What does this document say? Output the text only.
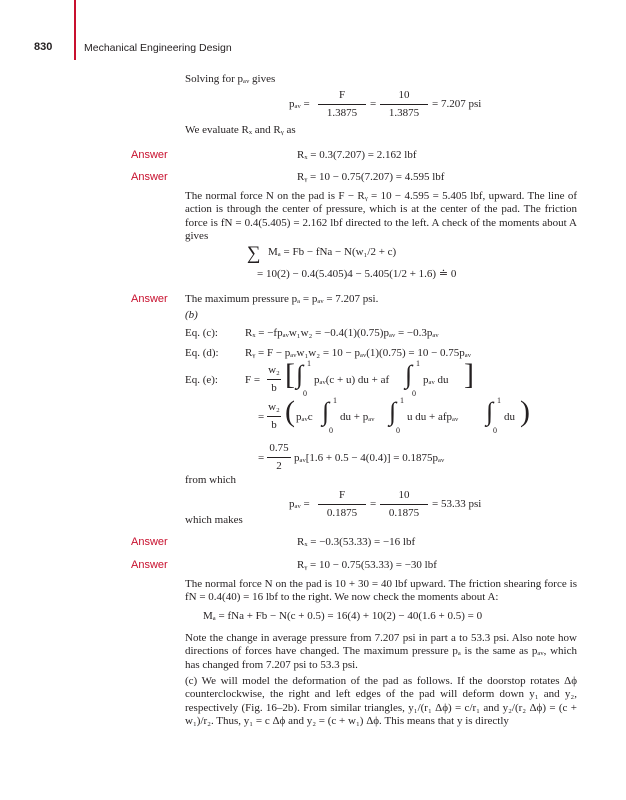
830	Mechanical Engineering Design
Solving for pₐᵥ gives
pₐᵥ =
F
1.3875
=
10
1.3875
= 7.207 psi
We evaluate Rₓ and Rᵧ as
Answer	Rₓ = 0.3(7.207) = 2.162 lbf
Answer	Rᵧ = 10 − 0.75(7.207) = 4.595 lbf
The normal force N on the pad is F − Rᵧ = 10 − 4.595 = 5.405 lbf, upward. The line of action is through the center of pressure, which is at the center of the pad. The friction force is fN = 0.4(5.405) = 2.162 lbf directed to the left. A check of the moments about A gives
∑ Mₐ = Fb − fNa − N(w₁/2 + c)
= 10(2) − 0.4(5.405)4 − 5.405(1/2 + 1.6) ≐ 0
Answer The maximum pressure pₐ = pₐᵥ = 7.207 psi.
(b)
Eq. (c): Rₓ = −fpₐᵥw₁w₂ = −0.4(1)(0.75)pₐᵥ = −0.3pₐᵥ
Eq. (d): Rᵧ = F − pₐᵥw₁w₂ = 10 − pₐᵥ(1)(0.75) = 10 − 0.75pₐᵥ
Eq. (e): F =
w₂
b [ ∫ 1
0
pₐᵥ(c + u) du + af ∫ 1
0
pₐᵥ du ]
=
w₂
b ( pₐᵥc ∫ 1
0
du + pₐᵥ ∫ 1
0
u du + afpₐᵥ ∫ 1
0
du )
=
0.75
2
pₐᵥ[1.6 + 0.5 − 4(0.4)] = 0.1875pₐᵥ
from which
pₐᵥ =
F
0.1875
=
10
0.1875
= 53.33 psi
which makes
Answer	Rₓ = −0.3(53.33) = −16 lbf
Answer	Rᵧ = 10 − 0.75(53.33) = −30 lbf
The normal force N on the pad is 10 + 30 = 40 lbf upward. The friction shearing force is fN = 0.4(40) = 16 lbf to the right. We now check the moments about A:
Mₐ = fNa + Fb − N(c + 0.5) = 16(4) + 10(2) − 40(1.6 + 0.5) = 0
Note the change in average pressure from 7.207 psi in part a to 53.3 psi. Also note how directions of forces have changed. The maximum pressure pₐ is the same as pₐᵥ, which has changed from 7.207 psi to 53.3 psi.
(c) We will model the deformation of the pad as follows. If the doorstop rotates Δϕ counterclockwise, the right and left edges of the pad will deform down y₁ and y₂, respectively (Fig. 16–2b). From similar triangles, y₁/(r₁ Δϕ) = c/r₁ and y₂/(r₂ Δϕ) = (c + w₁)/r₂. Thus, y₁ = c Δϕ and y₂ = (c + w₁) Δϕ. This means that y is directly
